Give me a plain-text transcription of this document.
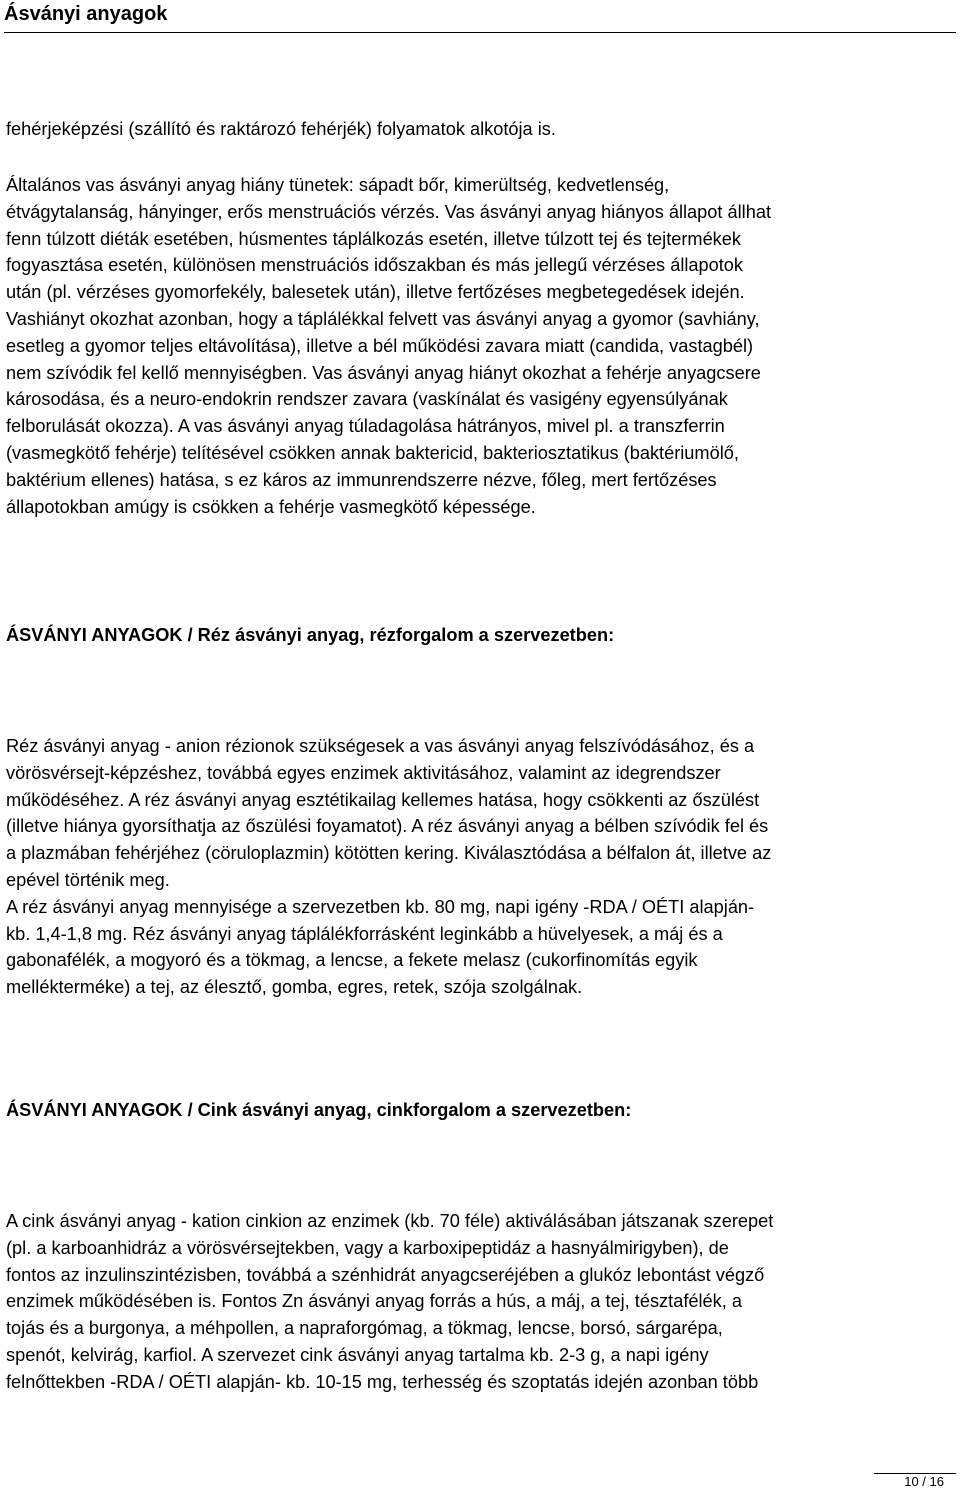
Ásványi anyagok
fehérjeképzési (szállító és raktározó fehérjék) folyamatok alkotója is.
Általános vas ásványi anyag hiány tünetek: sápadt bőr, kimerültség, kedvetlenség,
étvágytalanság, hányinger, erős menstruációs vérzés. Vas ásványi anyag hiányos állapot állhat
fenn túlzott diéták esetében, húsmentes táplálkozás esetén, illetve túlzott tej és tejtermékek
fogyasztása esetén, különösen menstruációs időszakban és más jellegű vérzéses állapotok
után (pl. vérzéses gyomorfekély, balesetek után), illetve fertőzéses megbetegedések idején.
Vashiányt okozhat azonban, hogy a táplálékkal felvett vas ásványi anyag a gyomor (savhiány,
esetleg a gyomor teljes eltávolítása), illetve a bél működési zavara miatt (candida, vastagbél)
nem szívódik fel kellő mennyiségben. Vas ásványi anyag hiányt okozhat a fehérje anyagcsere
károsodása, és a neuro-endokrin rendszer zavara (vaskínálat és vasigény egyensúlyának
felborulását okozza). A vas ásványi anyag túladagolása hátrányos, mivel pl. a transzferrin
(vasmegkötő fehérje) telítésével csökken annak baktericid, bakteriosztatikus (baktériumölő,
baktérium ellenes) hatása, s ez káros az immunrendszerre nézve, főleg, mert fertőzéses
állapotokban amúgy is csökken a fehérje vasmegkötő képessége.
ÁSVÁNYI ANYAGOK / Réz ásványi anyag, rézforgalom a szervezetben:
Réz ásványi anyag - anion rézionok szükségesek a vas ásványi anyag felszívódásához, és a
vörösvérsejt-képzéshez, továbbá egyes enzimek aktivitásához, valamint az idegrendszer
működéséhez. A réz ásványi anyag esztétikailag kellemes hatása, hogy csökkenti az őszülést
(illetve hiánya gyorsíthatja az őszülési foyamatot). A réz ásványi anyag a bélben szívódik fel és
a plazmában fehérjéhez (cöruloplazmin) kötötten kering. Kiválasztódása a bélfalon át, illetve az
epével történik meg.
A réz ásványi anyag mennyisége a szervezetben kb. 80 mg, napi igény -RDA / OÉTI alapján-
kb. 1,4-1,8 mg. Réz ásványi anyag táplálékforrásként leginkább a hüvelyesek, a máj és a
gabonafélék, a mogyoró és a tökmag, a lencse, a fekete melasz (cukorfinomítás egyik
mellékterméke) a tej, az élesztő, gomba, egres, retek, szója szolgálnak.
ÁSVÁNYI ANYAGOK / Cink ásványi anyag, cinkforgalom a szervezetben:
A cink ásványi anyag - kation cinkion az enzimek (kb. 70 féle) aktiválásában játszanak szerepet
(pl. a karboanhidráz a vörösvérsejtekben, vagy a karboxipeptidáz a hasnyálmirigyben), de
fontos az inzulinszintézisben, továbbá a szénhidrát anyagcseréjében a glukóz lebontást végző
enzimek működésében is. Fontos Zn ásványi anyag forrás a hús, a máj, a tej, tésztafélék, a
tojás és a burgonya, a méhpollen, a napraforgómag, a tökmag, lencse, borsó, sárgarépa,
spenót, kelvirág, karfiol. A szervezet cink ásványi anyag tartalma kb. 2-3 g, a napi igény
felnőttekben -RDA / OÉTI alapján- kb. 10-15 mg, terhesség és szoptatás idején azonban több
10 / 16
